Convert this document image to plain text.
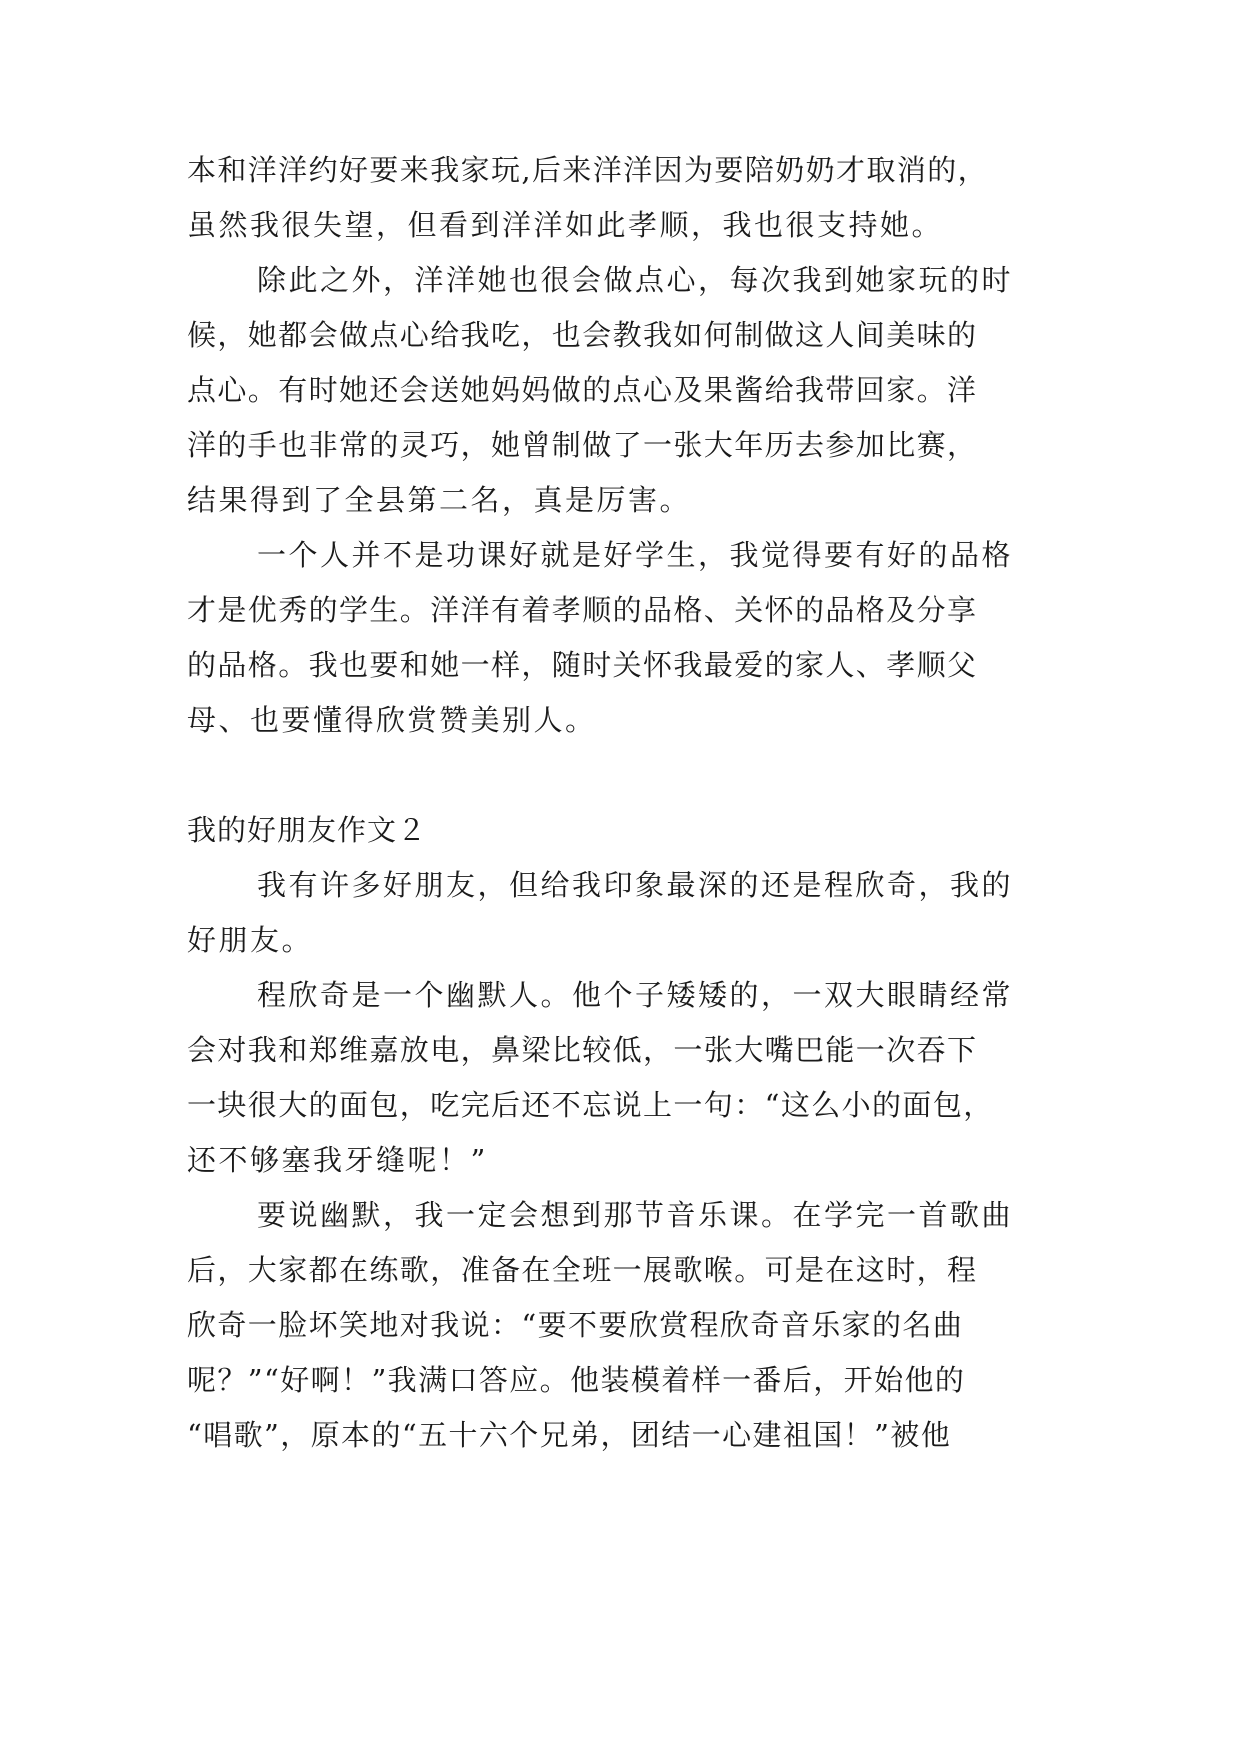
本和洋洋约好要来我家玩,后来洋洋因为要陪奶奶才取消的，
虽然我很失望，但看到洋洋如此孝顺，我也很支持她。
除此之外，洋洋她也很会做点心，每次我到她家玩的时
候，她都会做点心给我吃，也会教我如何制做这人间美味的
点心。有时她还会送她妈妈做的点心及果酱给我带回家。洋
洋的手也非常的灵巧，她曾制做了一张大年历去参加比赛，
结果得到了全县第二名，真是厉害。
一个人并不是功课好就是好学生，我觉得要有好的品格
才是优秀的学生。洋洋有着孝顺的品格、关怀的品格及分享
的品格。我也要和她一样，随时关怀我最爱的家人、孝顺父
母、也要懂得欣赏赞美别人。
我的好朋友作文２
我有许多好朋友，但给我印象最深的还是程欣奇，我的
好朋友。
程欣奇是一个幽默人。他个子矮矮的，一双大眼睛经常
会对我和郑维嘉放电，鼻梁比较低，一张大嘴巴能一次吞下
一块很大的面包，吃完后还不忘说上一句：“这么小的面包，
还不够塞我牙缝呢！”
要说幽默，我一定会想到那节音乐课。在学完一首歌曲
后，大家都在练歌，准备在全班一展歌喉。可是在这时，程
欣奇一脸坏笑地对我说：“要不要欣赏程欣奇音乐家的名曲
呢？”“好啊！”我满口答应。他装模着样一番后，开始他的
“唱歌”，原本的“五十六个兄弟，团结一心建祖国！”被他
